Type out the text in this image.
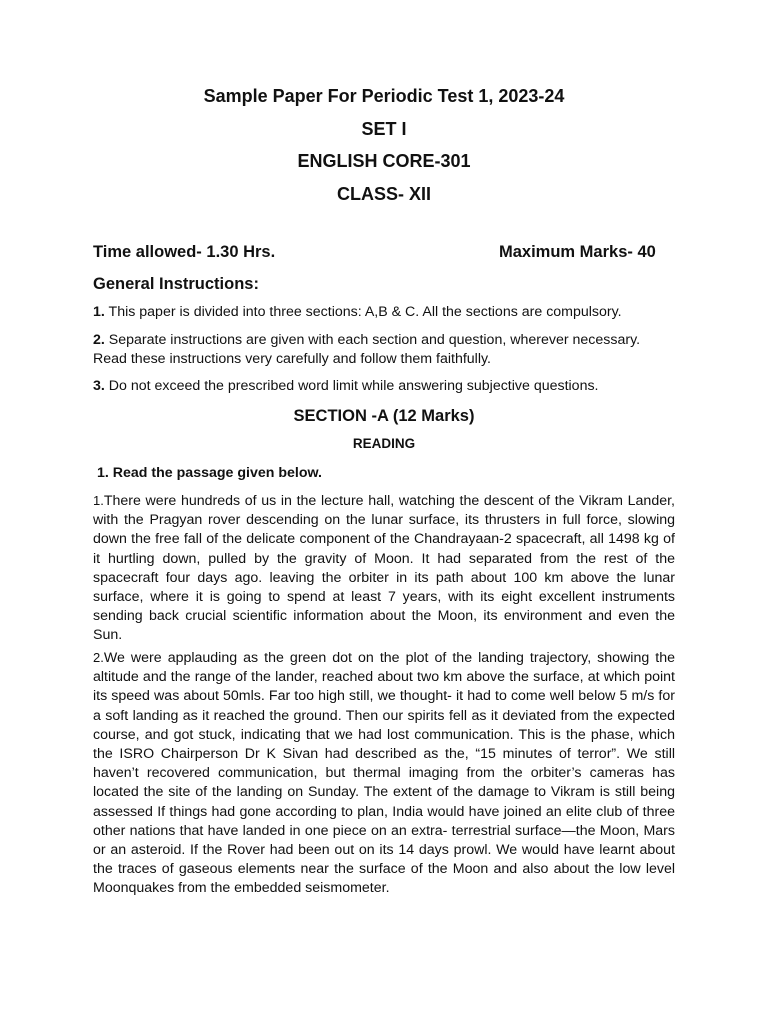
Sample Paper For Periodic Test 1, 2023-24
SET I
ENGLISH CORE-301
CLASS- XII
Time allowed- 1.30 Hrs.	Maximum Marks- 40
General Instructions:
1. This paper is divided into three sections: A,B & C. All the sections are compulsory.
2. Separate instructions are given with each section and question, wherever necessary. Read these instructions very carefully and follow them faithfully.
3. Do not exceed the prescribed word limit while answering subjective questions.
SECTION -A (12 Marks)
READING
1. Read the passage given below.
1.There were hundreds of us in the lecture hall, watching the descent of the Vikram Lander, with the Pragyan rover descending on the lunar surface, its thrusters in full force, slowing down the free fall of the delicate component of the Chandrayaan-2 spacecraft, all 1498 kg of it hurtling down, pulled by the gravity of Moon. It had separated from the rest of the spacecraft four days ago. leaving the orbiter in its path about 100 km above the lunar surface, where it is going to spend at least 7 years, with its eight excellent instruments sending back crucial scientific information about the Moon, its environment and even the Sun.
2.We were applauding as the green dot on the plot of the landing trajectory, showing the altitude and the range of the lander, reached about two km above the surface, at which point its speed was about 50mls. Far too high still, we thought- it had to come well below 5 m/s for a soft landing as it reached the ground. Then our spirits fell as it deviated from the expected course, and got stuck, indicating that we had lost communication. This is the phase, which the ISRO Chairperson Dr K Sivan had described as the, “15 minutes of terror”. We still haven’t recovered communication, but thermal imaging from the orbiter’s cameras has located the site of the landing on Sunday. The extent of the damage to Vikram is still being assessed If things had gone according to plan, India would have joined an elite club of three other nations that have landed in one piece on an extra- terrestrial surface—the Moon, Mars or an asteroid. If the Rover had been out on its 14 days prowl. We would have learnt about the traces of gaseous elements near the surface of the Moon and also about the low level Moonquakes from the embedded seismometer.
